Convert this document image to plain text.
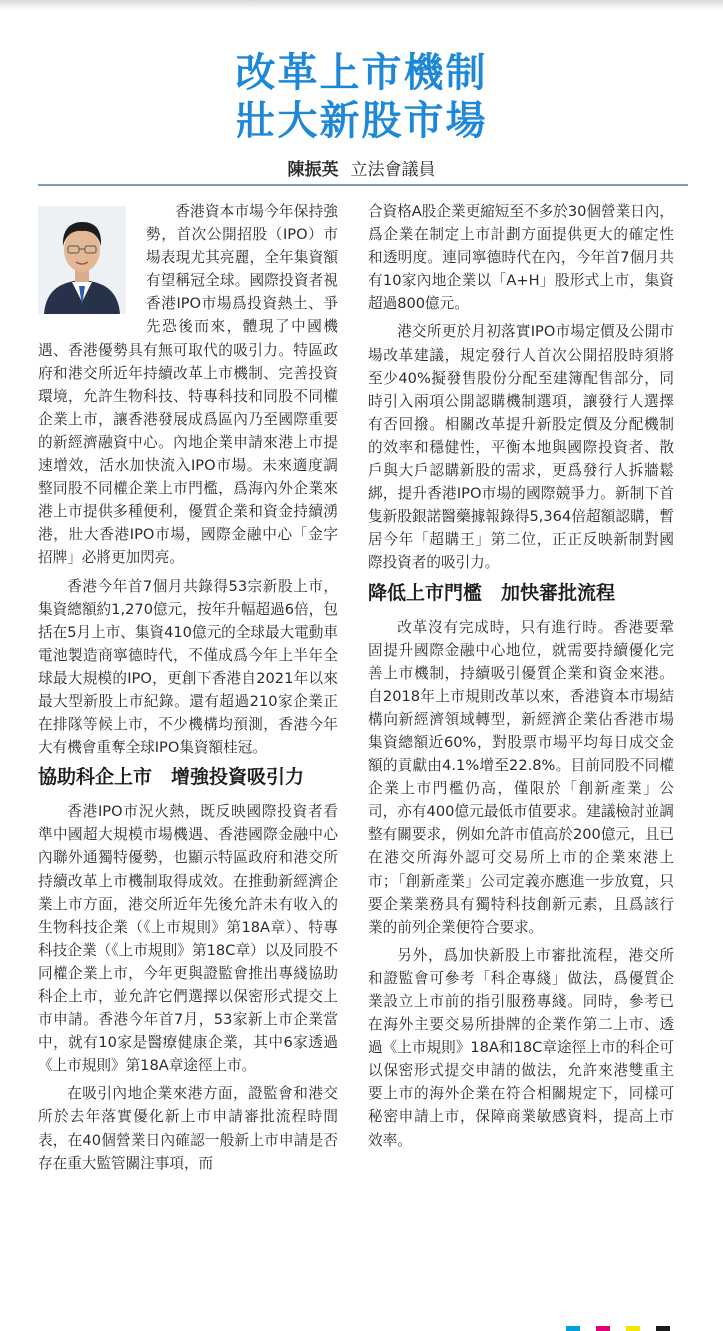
改革上市機制
壯大新股市場
陳振英 立法會議員

香港資本市場今年保持強勢，首次公開招股（IPO）市場表現尤其亮麗，全年集資額有望稱冠全球。國際投資者視香港IPO市場爲投資熱土、爭先恐後而來，體現了中國機遇、香港優勢具有無可取代的吸引力。特區政府和港交所近年持續改革上市機制、完善投資環境，允許生物科技、特專科技和同股不同權企業上市，讓香港發展成爲區內乃至國際重要的新經濟融資中心。內地企業申請來港上市提速增效，活水加快流入IPO市場。未來適度調整同股不同權企業上市門檻，爲海內外企業來港上市提供多種便利，優質企業和資金持續湧港，壯大香港IPO市場，國際金融中心「金字招牌」必將更加閃亮。

香港今年首7個月共錄得53宗新股上市，集資總額約1,270億元，按年升幅超過6倍，包括在5月上市、集資410億元的全球最大電動車電池製造商寧德時代，不僅成爲今年上半年全球最大規模的IPO，更創下香港自2021年以來最大型新股上市紀錄。還有超過210家企業正在排隊等候上市，不少機構均預測，香港今年大有機會重奪全球IPO集資額桂冠。

協助科企上市　增強投資吸引力

香港IPO市況火熱，既反映國際投資者看準中國超大規模市場機遇、香港國際金融中心內聯外通獨特優勢，也顯示特區政府和港交所持續改革上市機制取得成效。在推動新經濟企業上市方面，港交所近年先後允許未有收入的生物科技企業（《上市規則》第18A章）、特專科技企業（《上市規則》第18C章）以及同股不同權企業上市，今年更與證監會推出專綫協助科企上市，並允許它們選擇以保密形式提交上市申請。香港今年首7月，53家新上市企業當中，就有10家是醫療健康企業，其中6家透過《上市規則》第18A章途徑上市。

在吸引內地企業來港方面，證監會和港交所於去年落實優化新上市申請審批流程時間表，在40個營業日內確認一般新上市申請是否存在重大監管關注事項，而

合資格A股企業更縮短至不多於30個營業日內，爲企業在制定上市計劃方面提供更大的確定性和透明度。連同寧德時代在內，今年首7個月共有10家內地企業以「A+H」股形式上市，集資超過800億元。

港交所更於月初落實IPO市場定價及公開市場改革建議，規定發行人首次公開招股時須將至少40%擬發售股份分配至建簿配售部分，同時引入兩項公開認購機制選項，讓發行人選擇有否回撥。相關改革提升新股定價及分配機制的效率和穩健性，平衡本地與國際投資者、散戶與大戶認購新股的需求，更爲發行人拆牆鬆綁，提升香港IPO市場的國際競爭力。新制下首隻新股銀諾醫藥據報錄得5,364倍超額認購，暫居今年「超購王」第二位，正正反映新制對國際投資者的吸引力。

降低上市門檻　加快審批流程

改革沒有完成時，只有進行時。香港要鞏固提升國際金融中心地位，就需要持續優化完善上市機制，持續吸引優質企業和資金來港。自2018年上市規則改革以來，香港資本市場結構向新經濟領域轉型，新經濟企業佔香港市場集資總額近60%，對股票市場平均每日成交金額的貢獻由4.1%增至22.8%。目前同股不同權企業上市門檻仍高，僅限於「創新產業」公司，亦有400億元最低市值要求。建議檢討並調整有關要求，例如允許市值高於200億元，且已在港交所海外認可交易所上市的企業來港上市；「創新產業」公司定義亦應進一步放寬，只要企業業務具有獨特科技創新元素，且爲該行業的前列企業便符合要求。

另外，爲加快新股上市審批流程，港交所和證監會可參考「科企專綫」做法，爲優質企業設立上市前的指引服務專綫。同時，參考已在海外主要交易所掛牌的企業作第二上市、透過《上市規則》18A和18C章途徑上市的科企可以保密形式提交申請的做法，允許來港雙重主要上市的海外企業在符合相關規定下，同樣可秘密申請上市，保障商業敏感資料，提高上市效率。
